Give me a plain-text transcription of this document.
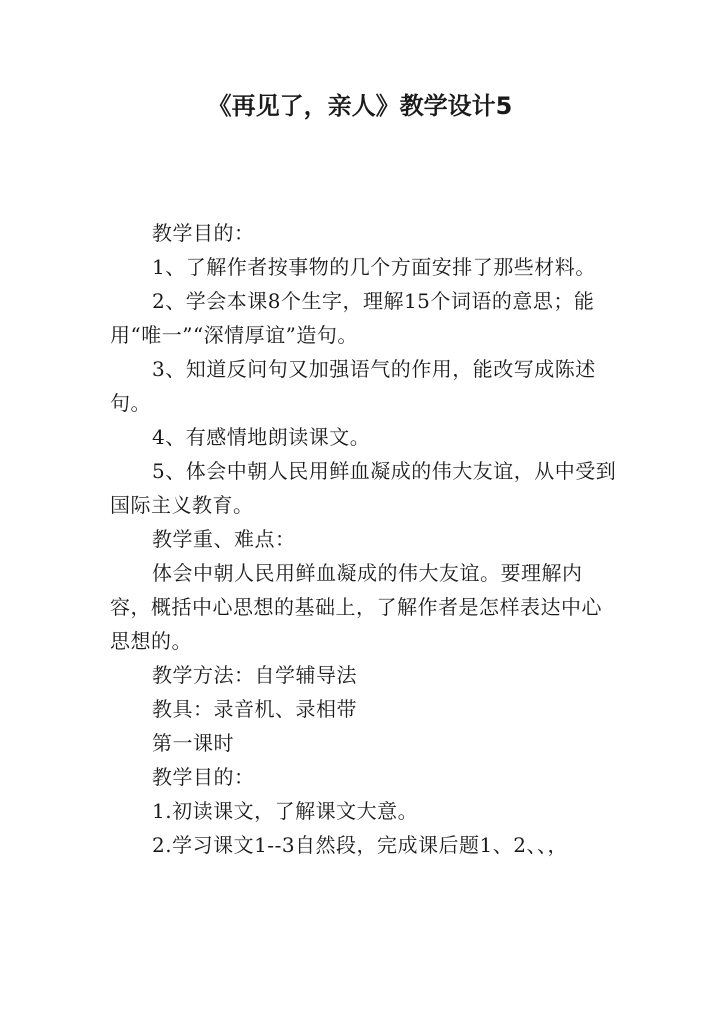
《再见了，亲人》教学设计5

教学目的：

1、了解作者按事物的几个方面安排了那些材料。

2、学会本课8个生字，理解15个词语的意思；能用“唯一”“深情厚谊”造句。

3、知道反问句又加强语气的作用，能改写成陈述句。

4、有感情地朗读课文。

5、体会中朝人民用鲜血凝成的伟大友谊，从中受到国际主义教育。

教学重、难点：

体会中朝人民用鲜血凝成的伟大友谊。要理解内容，概括中心思想的基础上，了解作者是怎样表达中心思想的。

教学方法：自学辅导法

教具：录音机、录相带

第一课时

教学目的：

1.初读课文，了解课文大意。

2.学习课文1--3自然段，完成课后题1、2、、，
